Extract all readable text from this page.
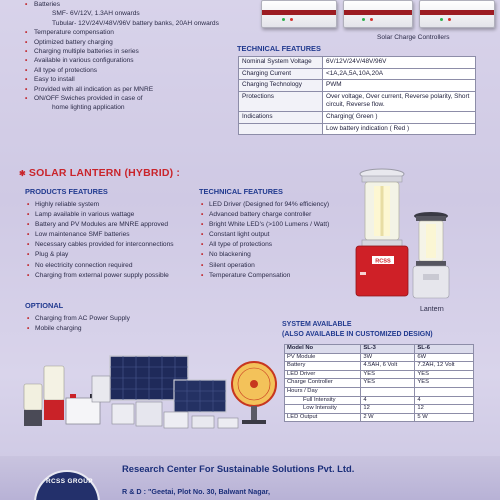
• Batteries
SMF- 6V/12V, 1.3AH onwards
Tubular- 12V/24V/48V/96V battery banks, 20AH onwards
• Temperature compensation
• Optimized battery charging
• Charging multiple batteries in series
• Available in various configurations
• All type of protections
• Easy to install
• Provided with all indication as per MNRE
• ON/OFF Swiches provided in case of
home lighting application
Solar Charge Controllers
TECHNICAL FEATURES
Nominal System Voltage	6V/12V/24V/48V/96V
Charging Current	<1A,2A,5A,10A,20A
Charging Technology	PWM
Protections	Over voltage, Over current, Reverse polarity, Short circuit, Reverse flow.
Indications	Charging( Green )
	Low battery indication ( Red )
✱ SOLAR LANTERN (HYBRID) :
PRODUCTS FEATURES
• Highly reliable system
• Lamp available in various wattage
• Battery and PV Modules are MNRE approved
• Low maintenance SMF batteries
• Necessary cables provided for interconnections
• Plug & play
• No electricity connection required
• Charging from external power supply possible
TECHNICAL FEATURES
• LED Driver (Designed for 94% efficiency)
• Advanced battery charge controller
• Bright White LED's (>100 Lumens / Watt)
• Constant light output
• All type of protections
• No blackening
• Silent operation
• Temperature Compensation
OPTIONAL
• Charging from AC Power Supply
• Mobile charging
RCSS
Lantern
SYSTEM AVAILABLE
(ALSO AVAILABLE IN CUSTOMIZED DESIGN)
Model No	SL-3	SL-6
PV Module	3W	6W
Battery	4.5AH, 6 Volt	7.2AH, 12 Volt
LED Driver	YES	YES
Charge Controller	YES	YES
Hours / Day		
Full Intensity	4	4
Low Intensity	12	12
LED Output	2 W	5 W
RCSS GROUP
Research Center For Sustainable Solutions Pvt. Ltd.
R & D : "Geetai, Plot No. 30, Balwant Nagar,
